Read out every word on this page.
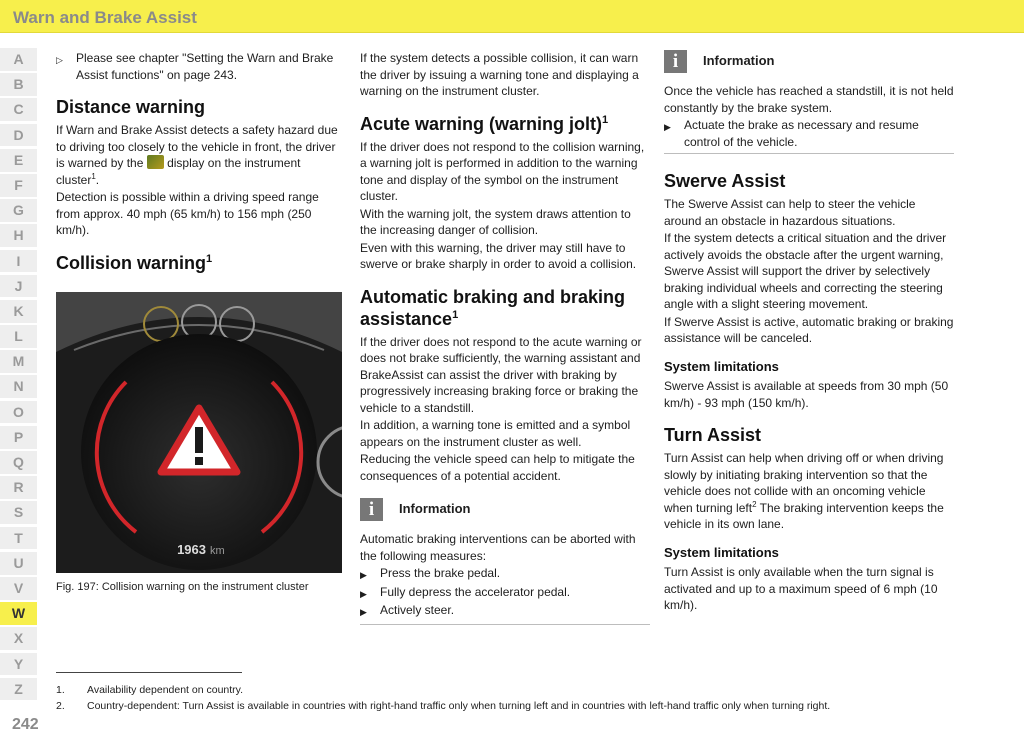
Warn and Brake Assist
A
B
C
D
E
F
G
H
I
J
K
L
M
N
O
P
Q
R
S
T
U
V
W
X
Y
Z
242
▷	Please see chapter "Setting the Warn and Brake Assist functions" on page 243.
Distance warning

If Warn and Brake Assist detects a safety hazard due to driving too closely to the vehicle in front, the driver is warned by the display on the instrument cluster$^1$.

Detection is possible within a driving speed range from approx. 40 mph (65 km/h) to 156 mph (250 km/h).

Collision warning$^1$
1963 km
Fig. 197: Collision warning on the instrument cluster

If the system detects a possible collision, it can warn the driver by issuing a warning tone and displaying a warning on the instrument cluster.

Acute warning (warning jolt)$^1$

If the driver does not respond to the collision warning, a warning jolt is performed in addition to the warning tone and display of the symbol on the instrument cluster.

With the warning jolt, the system draws attention to the increasing danger of collision.

Even with this warning, the driver may still have to swerve or brake sharply in order to avoid a collision.

Automatic braking and braking assistance$^1$

If the driver does not respond to the acute warning or does not brake sufficiently, the warning assistant and BrakeAssist can assist the driver with braking by progressively increasing braking force or braking the vehicle to a standstill.

In addition, a warning tone is emitted and a symbol appears on the instrument cluster as well.

Reducing the vehicle speed can help to mitigate the consequences of a potential accident.

i	Information

Automatic braking interventions can be aborted with the following measures:

▶	Press the brake pedal.
▶	Fully depress the accelerator pedal.
▶	Actively steer.
i	Information

Once the vehicle has reached a standstill, it is not held constantly by the brake system.

▶	Actuate the brake as necessary and resume control of the vehicle.
Swerve Assist

The Swerve Assist can help to steer the vehicle around an obstacle in hazardous situations.

If the system detects a critical situation and the driver actively avoids the obstacle after the urgent warning, Swerve Assist will support the driver by selectively braking individual wheels and correcting the steering angle with a slight steering movement.

If Swerve Assist is active, automatic braking or braking assistance will be canceled.

System limitations

Swerve Assist is available at speeds from 30 mph (50 km/h) - 93 mph (150 km/h).

Turn Assist

Turn Assist can help when driving off or when driving slowly by initiating braking intervention so that the vehicle does not collide with an oncoming vehicle when turning left$^2$ The braking intervention keeps the vehicle in its own lane.

System limitations

Turn Assist is only available when the turn signal is activated and up to a maximum speed of 6 mph (10 km/h).

1.	Availability dependent on country.
2.	Country-dependent: Turn Assist is available in countries with right-hand traffic only when turning left and in countries with left-hand traffic only when turning right.
